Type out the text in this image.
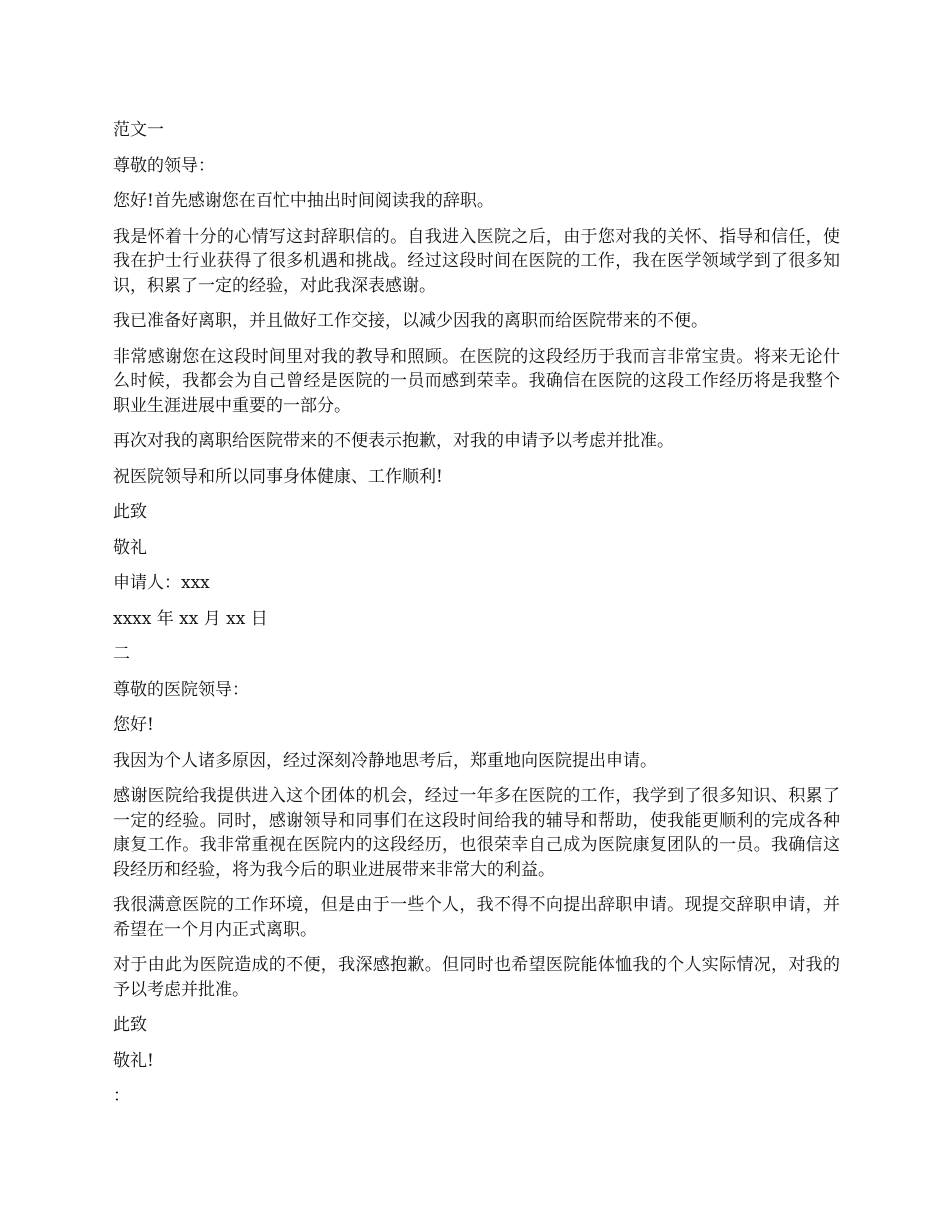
范文一

尊敬的领导：

您好!首先感谢您在百忙中抽出时间阅读我的辞职。

我是怀着十分的心情写这封辞职信的。自我进入医院之后，由于您对我的关怀、指导和信任，使我在护士行业获得了很多机遇和挑战。经过这段时间在医院的工作，我在医学领域学到了很多知识，积累了一定的经验，对此我深表感谢。

我已准备好离职，并且做好工作交接，以减少因我的离职而给医院带来的不便。

非常感谢您在这段时间里对我的教导和照顾。在医院的这段经历于我而言非常宝贵。将来无论什么时候，我都会为自己曾经是医院的一员而感到荣幸。我确信在医院的这段工作经历将是我整个职业生涯进展中重要的一部分。

再次对我的离职给医院带来的不便表示抱歉，对我的申请予以考虑并批准。

祝医院领导和所以同事身体健康、工作顺利!

此致

敬礼

申请人：xxx

xxxx 年 xx 月 xx 日

二

尊敬的医院领导：

您好!

我因为个人诸多原因，经过深刻冷静地思考后，郑重地向医院提出申请。

感谢医院给我提供进入这个团体的机会，经过一年多在医院的工作，我学到了很多知识、积累了一定的经验。同时，感谢领导和同事们在这段时间给我的辅导和帮助，使我能更顺利的完成各种康复工作。我非常重视在医院内的这段经历，也很荣幸自己成为医院康复团队的一员。我确信这段经历和经验，将为我今后的职业进展带来非常大的利益。

我很满意医院的工作环境，但是由于一些个人，我不得不向提出辞职申请。现提交辞职申请，并希望在一个月内正式离职。

对于由此为医院造成的不便，我深感抱歉。但同时也希望医院能体恤我的个人实际情况，对我的予以考虑并批准。

此致

敬礼!

：
